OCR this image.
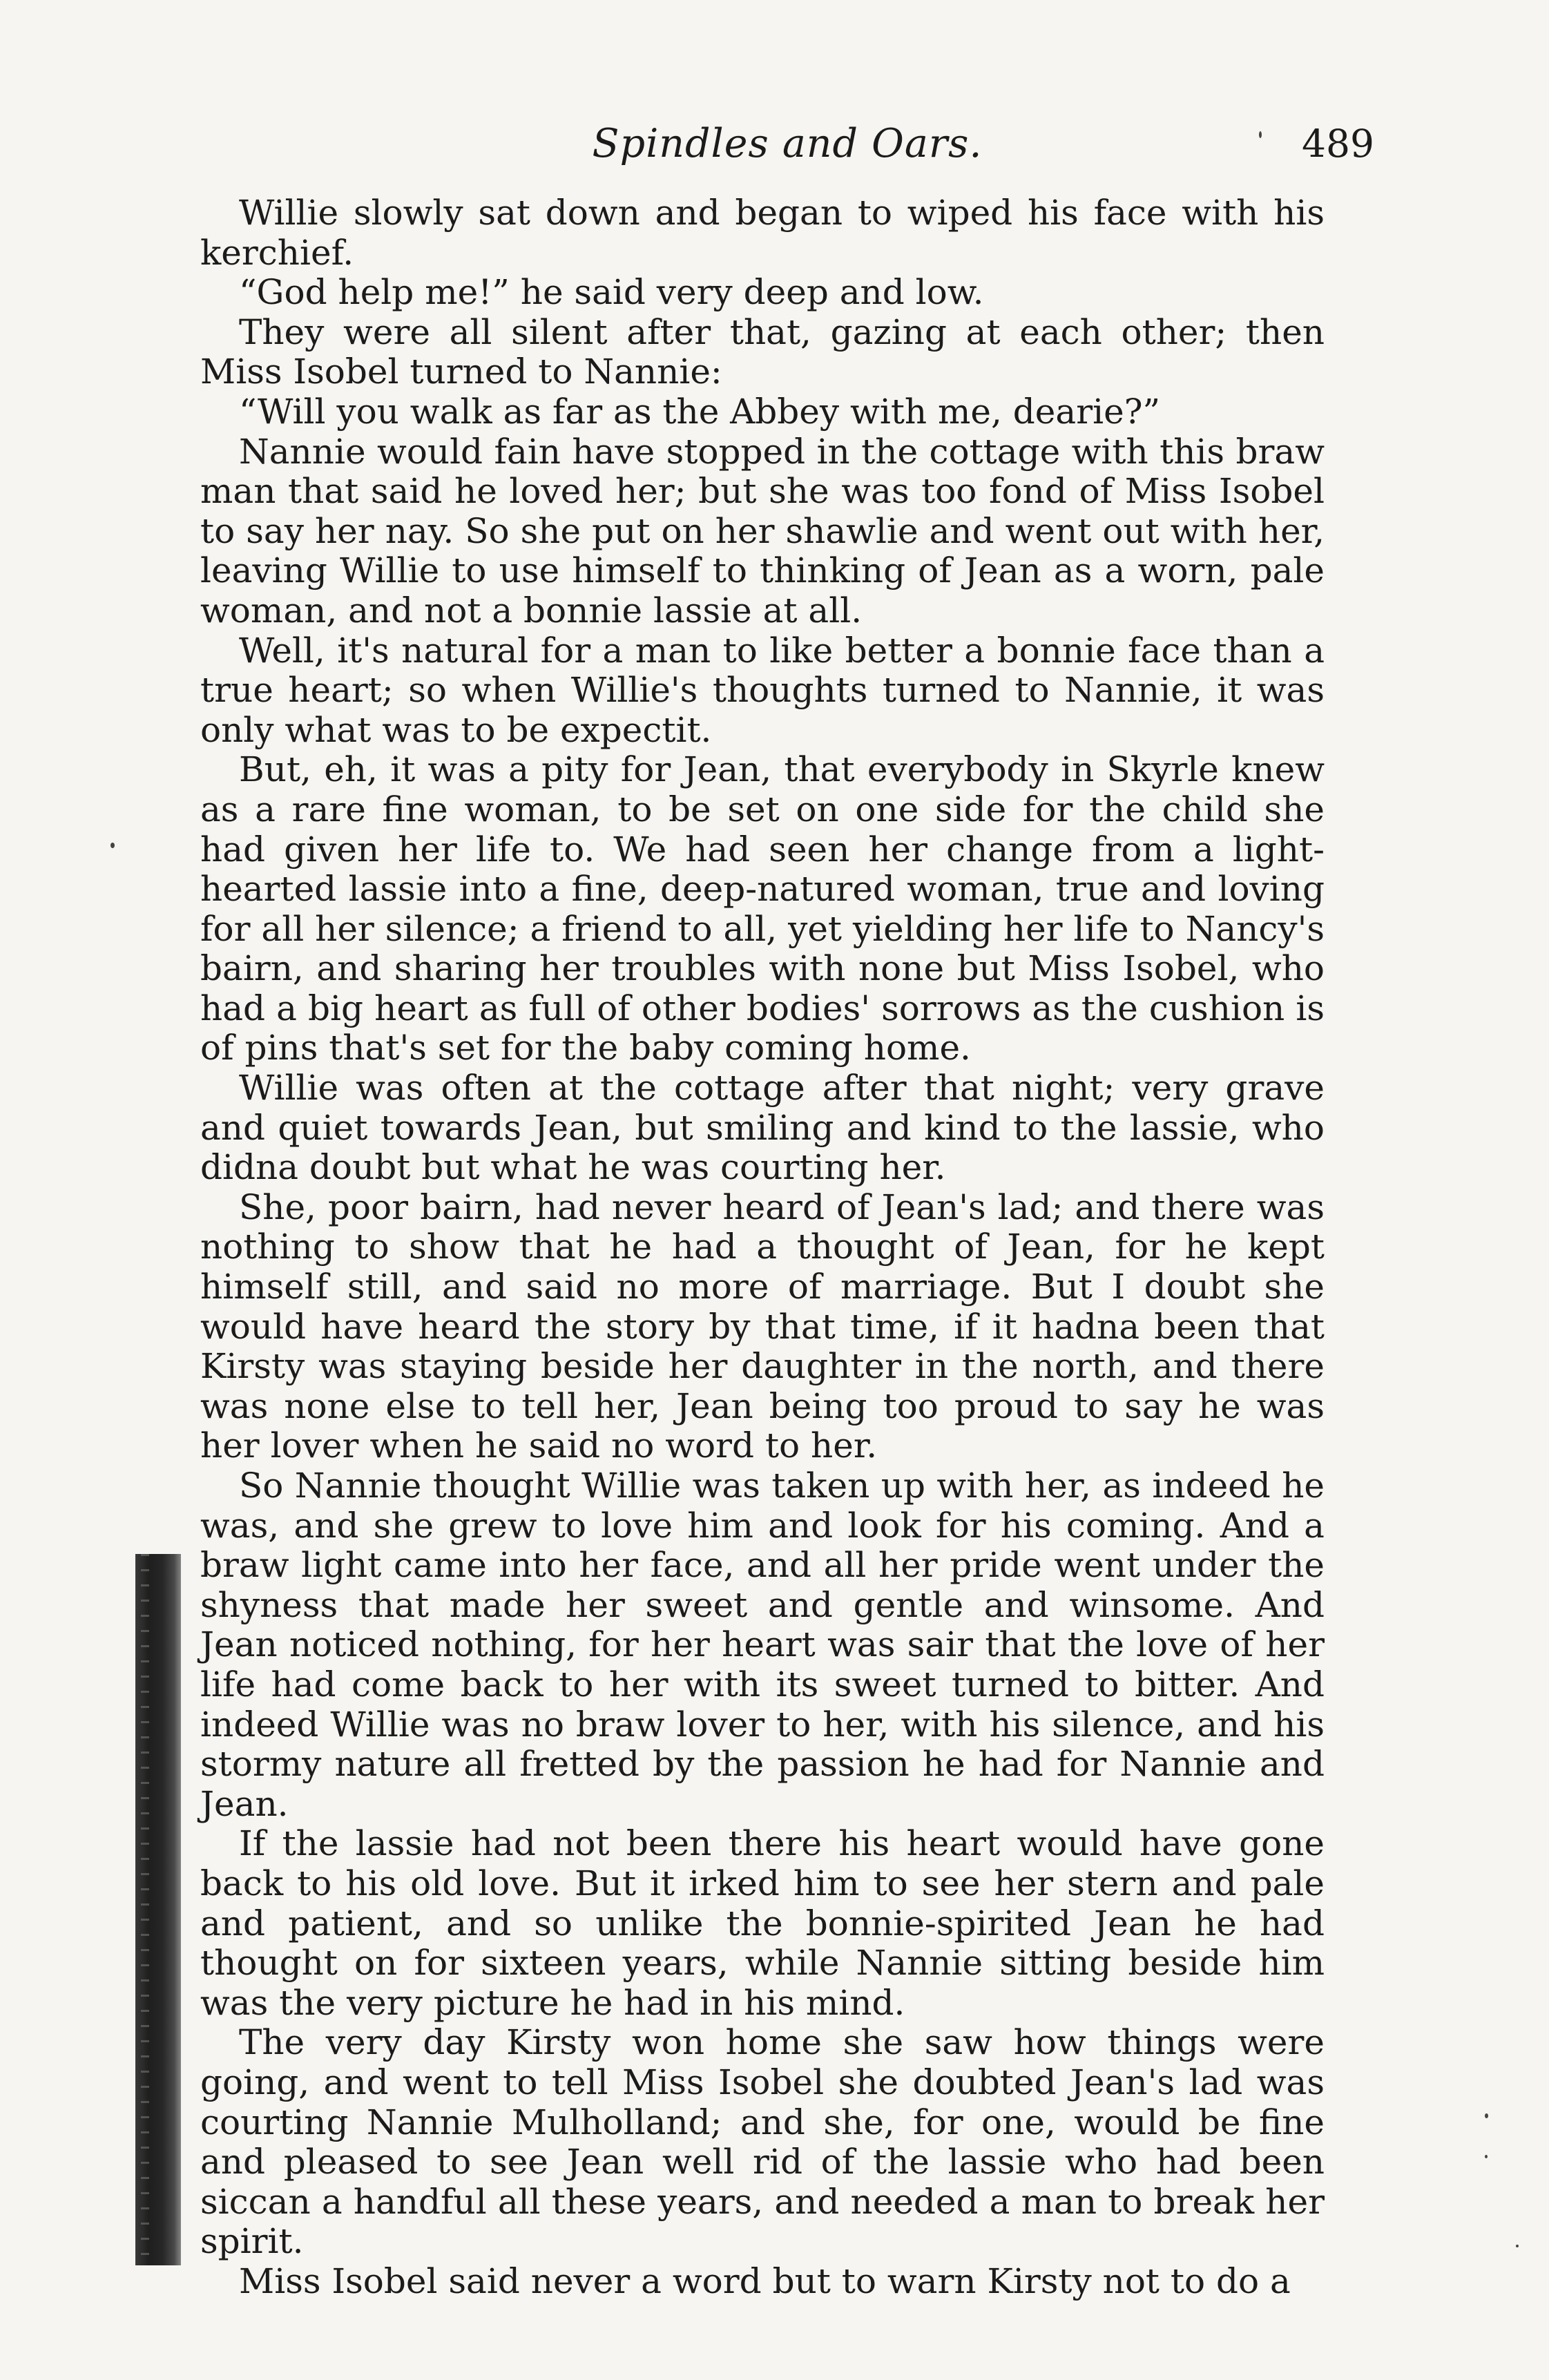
Spindles and Oars.	489

Willie slowly sat down and began to wiped his face with his kerchief.

“God help me!” he said very deep and low.

They were all silent after that, gazing at each other; then Miss Isobel turned to Nannie:

“Will you walk as far as the Abbey with me, dearie?”

Nannie would fain have stopped in the cottage with this braw man that said he loved her; but she was too fond of Miss Isobel to say her nay. So she put on her shawlie and went out with her, leaving Willie to use himself to thinking of Jean as a worn, pale woman, and not a bonnie lassie at all.

Well, it's natural for a man to like better a bonnie face than a true heart; so when Willie's thoughts turned to Nannie, it was only what was to be expectit.

But, eh, it was a pity for Jean, that everybody in Skyrle knew as a rare fine woman, to be set on one side for the child she had given her life to. We had seen her change from a light-hearted lassie into a fine, deep-natured woman, true and loving for all her silence; a friend to all, yet yielding her life to Nancy's bairn, and sharing her troubles with none but Miss Isobel, who had a big heart as full of other bodies' sorrows as the cushion is of pins that's set for the baby coming home.

Willie was often at the cottage after that night; very grave and quiet towards Jean, but smiling and kind to the lassie, who didna doubt but what he was courting her.

She, poor bairn, had never heard of Jean's lad; and there was nothing to show that he had a thought of Jean, for he kept himself still, and said no more of marriage. But I doubt she would have heard the story by that time, if it hadna been that Kirsty was staying beside her daughter in the north, and there was none else to tell her, Jean being too proud to say he was her lover when he said no word to her.

So Nannie thought Willie was taken up with her, as indeed he was, and she grew to love him and look for his coming. And a braw light came into her face, and all her pride went under the shyness that made her sweet and gentle and winsome. And Jean noticed nothing, for her heart was sair that the love of her life had come back to her with its sweet turned to bitter. And indeed Willie was no braw lover to her, with his silence, and his stormy nature all fretted by the passion he had for Nannie and Jean.

If the lassie had not been there his heart would have gone back to his old love. But it irked him to see her stern and pale and patient, and so unlike the bonnie-spirited Jean he had thought on for sixteen years, while Nannie sitting beside him was the very picture he had in his mind.

The very day Kirsty won home she saw how things were going, and went to tell Miss Isobel she doubted Jean's lad was courting Nannie Mulholland; and she, for one, would be fine and pleased to see Jean well rid of the lassie who had been siccan a handful all these years, and needed a man to break her spirit.

Miss Isobel said never a word but to warn Kirsty not to do a
